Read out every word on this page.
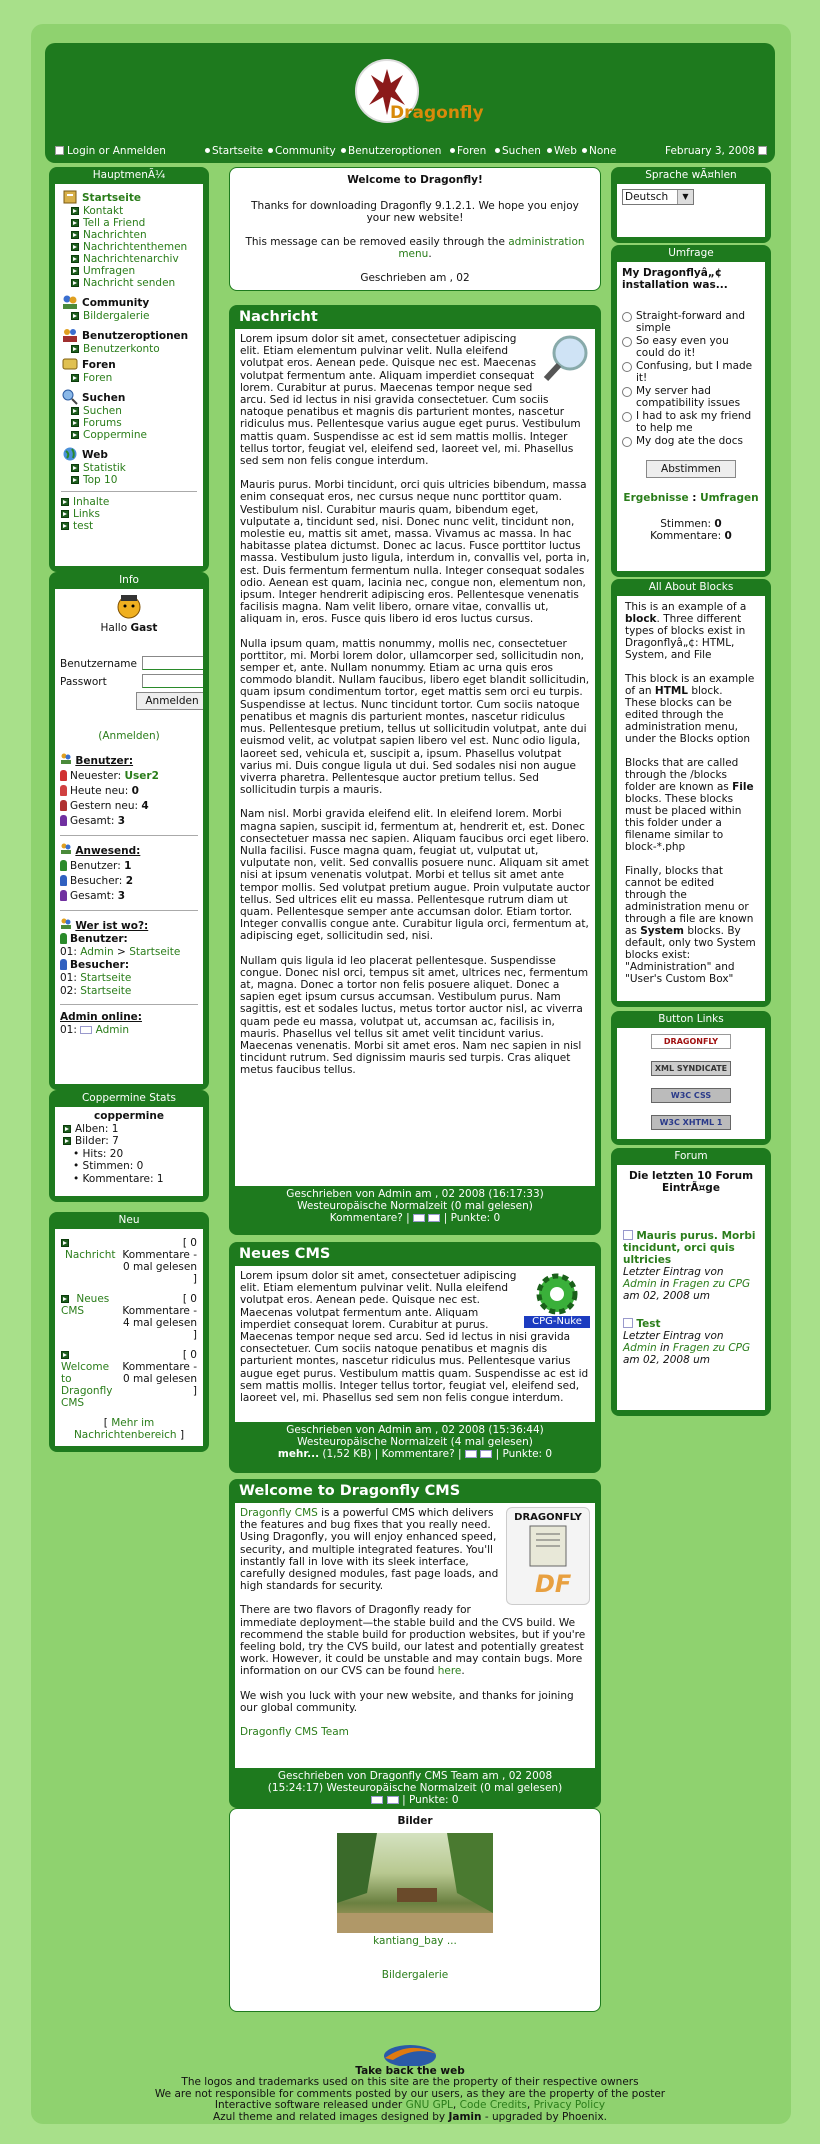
Dragonfly
Login or Anmelden	Startseite	Community	Benutzeroptionen	Foren	Suchen	Web	None	February 3, 2008
HauptmenÃ¼
Startseite
Kontakt
Tell a Friend
Nachrichten
Nachrichtenthemen
Nachrichtenarchiv
Umfragen
Nachricht senden
Community
Bildergalerie
Benutzeroptionen
Benutzerkonto
Foren
Foren
Suchen
Suchen
Forums
Coppermine
Web
Statistik
Top 10
Inhalte
Links
test
Info
Hallo Gast
Benutzername
Passwort
Anmelden
(Anmelden)
Benutzer:
Neuester: User2
Heute neu: 0
Gestern neu: 4
Gesamt: 3
Anwesend:
Benutzer: 1
Besucher: 2
Gesamt: 3
Wer ist wo?:
Benutzer:
01: Admin > Startseite
Besucher:
01: Startseite
02: Startseite
Admin online:
01: Admin
Coppermine Stats
coppermine
Alben: 1
Bilder: 7
• Hits: 20
• Stimmen: 0
• Kommentare: 1
Neu

Nachricht
[ 0 Kommentare - 0 mal gelesen ]
Neues CMS
[ 0 Kommentare - 4 mal gelesen ]
Welcome to Dragonfly CMS
[ 0 Kommentare - 0 mal gelesen ]
[ Mehr im Nachrichtenbereich ]
Welcome to Dragonfly!
Thanks for downloading Dragonfly 9.1.2.1. We hope you enjoy your new website!
This message can be removed easily through the administration menu.
Geschrieben am , 02
Nachricht

Lorem ipsum dolor sit amet, consectetuer adipiscing elit. Etiam elementum pulvinar velit. Nulla eleifend volutpat eros. Aenean pede. Quisque nec est. Maecenas volutpat fermentum ante. Aliquam imperdiet consequat lorem. Curabitur at purus. Maecenas tempor neque sed arcu. Sed id lectus in nisi gravida consectetuer. Cum sociis natoque penatibus et magnis dis parturient montes, nascetur ridiculus mus. Pellentesque varius augue eget purus. Vestibulum mattis quam. Suspendisse ac est id sem mattis mollis. Integer tellus tortor, feugiat vel, eleifend sed, laoreet vel, mi. Phasellus sed sem non felis congue interdum.

Mauris purus. Morbi tincidunt, orci quis ultricies bibendum, massa enim consequat eros, nec cursus neque nunc porttitor quam. Vestibulum nisl. Curabitur mauris quam, bibendum eget, vulputate a, tincidunt sed, nisi. Donec nunc velit, tincidunt non, molestie eu, mattis sit amet, massa. Vivamus ac massa. In hac habitasse platea dictumst. Donec ac lacus. Fusce porttitor luctus massa. Vestibulum justo ligula, interdum in, convallis vel, porta in, est. Duis fermentum fermentum nulla. Integer consequat sodales odio. Aenean est quam, lacinia nec, congue non, elementum non, ipsum. Integer hendrerit adipiscing eros. Pellentesque venenatis facilisis magna. Nam velit libero, ornare vitae, convallis ut, aliquam in, eros. Fusce quis libero id eros luctus cursus.

Nulla ipsum quam, mattis nonummy, mollis nec, consectetuer porttitor, mi. Morbi lorem dolor, ullamcorper sed, sollicitudin non, semper et, ante. Nullam nonummy. Etiam ac urna quis eros commodo blandit. Nullam faucibus, libero eget blandit sollicitudin, quam ipsum condimentum tortor, eget mattis sem orci eu turpis. Suspendisse at lectus. Nunc tincidunt tortor. Cum sociis natoque penatibus et magnis dis parturient montes, nascetur ridiculus mus. Pellentesque pretium, tellus ut sollicitudin volutpat, ante dui euismod velit, ac volutpat sapien libero vel est. Nunc odio ligula, laoreet sed, vehicula et, suscipit a, ipsum. Phasellus volutpat varius mi. Duis congue ligula ut dui. Sed sodales nisi non augue viverra pharetra. Pellentesque auctor pretium tellus. Sed sollicitudin turpis a mauris.

Nam nisl. Morbi gravida eleifend elit. In eleifend lorem. Morbi magna sapien, suscipit id, fermentum at, hendrerit et, est. Donec consectetuer massa nec sapien. Aliquam faucibus orci eget libero. Nulla facilisi. Fusce magna quam, feugiat ut, vulputat ut, vulputate non, velit. Sed convallis posuere nunc. Aliquam sit amet nisi at ipsum venenatis volutpat. Morbi et tellus sit amet ante tempor mollis. Sed volutpat pretium augue. Proin vulputate auctor tellus. Sed ultrices elit eu massa. Pellentesque rutrum diam ut quam. Pellentesque semper ante accumsan dolor. Etiam tortor. Integer convallis congue ante. Curabitur ligula orci, fermentum at, adipiscing eget, sollicitudin sed, nisi.

Nullam quis ligula id leo placerat pellentesque. Suspendisse congue. Donec nisl orci, tempus sit amet, ultrices nec, fermentum at, magna. Donec a tortor non felis posuere aliquet. Donec a sapien eget ipsum cursus accumsan. Vestibulum purus. Nam sagittis, est et sodales luctus, metus tortor auctor nisl, ac viverra quam pede eu massa, volutpat ut, accumsan ac, facilisis in, mauris. Phasellus vel tellus sit amet velit tincidunt varius. Maecenas venenatis. Morbi sit amet eros. Nam nec sapien in nisl tincidunt rutrum. Sed dignissim mauris sed turpis. Cras aliquet metus faucibus tellus.

Geschrieben von Admin am , 02 2008 (16:17:33)
Westeuropäische Normalzeit (0 mal gelesen)
Kommentare? |	| Punkte: 0
Neues CMS
CPG-Nuke
Lorem ipsum dolor sit amet, consectetuer adipiscing elit. Etiam elementum pulvinar velit. Nulla eleifend volutpat eros. Aenean pede. Quisque nec est. Maecenas volutpat fermentum ante. Aliquam imperdiet consequat lorem. Curabitur at purus. Maecenas tempor neque sed arcu. Sed id lectus in nisi gravida consectetuer. Cum sociis natoque penatibus et magnis dis parturient montes, nascetur ridiculus mus. Pellentesque varius augue eget purus. Vestibulum mattis quam. Suspendisse ac est id sem mattis mollis. Integer tellus tortor, feugiat vel, eleifend sed, laoreet vel, mi. Phasellus sed sem non felis congue interdum.
Geschrieben von Admin am , 02 2008 (15:36:44)
Westeuropäische Normalzeit (4 mal gelesen)
mehr... (1,52 KB) | Kommentare? |	| Punkte: 0
Welcome to Dragonfly CMS
DRAGONFLY
DF

Dragonfly CMS is a powerful CMS which delivers the features and bug fixes that you really need. Using Dragonfly, you will enjoy enhanced speed, security, and multiple integrated features. You'll instantly fall in love with its sleek interface, carefully designed modules, fast page loads, and high standards for security.

There are two flavors of Dragonfly ready for immediate deployment—the stable build and the CVS build. We recommend the stable build for production websites, but if you're feeling bold, try the CVS build, our latest and potentially greatest work. However, it could be unstable and may contain bugs. More information on our CVS can be found here.

We wish you luck with your new website, and thanks for joining our global community.

Dragonfly CMS Team
Geschrieben von Dragonfly CMS Team am , 02 2008
(15:24:17) Westeuropäische Normalzeit (0 mal gelesen)
| Punkte: 0
Bilder
kantiang_bay ...
Bildergalerie
Sprache wÃ¤hlen
Deutsch	▼
Umfrage
My Dragonflyâ„¢ installation was...
Straight-forward and simple
So easy even you could do it!
Confusing, but I made it!
My server had compatibility issues
I had to ask my friend to help me
My dog ate the docs
Abstimmen
Ergebnisse : Umfragen
Stimmen: 0
Kommentare: 0
All About Blocks

This is an example of a block. Three different types of blocks exist in Dragonflyâ„¢: HTML, System, and File

This block is an example of an HTML block. These blocks can be edited through the administration menu, under the Blocks option

Blocks that are called through the /blocks folder are known as File blocks. These blocks must be placed within this folder under a filename similar to block-*.php

Finally, blocks that cannot be edited through the administration menu or through a file are known as System blocks. By default, only two System blocks exist: "Administration" and "User's Custom Box"

Button Links
DRAGONFLY
XML SYNDICATE
W3C CSS
W3C XHTML 1
Forum
Die letzten 10 Forum EintrÃ¤ge
Mauris purus. Morbi tincidunt, orci quis ultricies
Letzter Eintrag von Admin in Fragen zu CPG am 02, 2008 um
Test
Letzter Eintrag von Admin in Fragen zu CPG am 02, 2008 um
Take back the web
The logos and trademarks used on this site are the property of their respective owners
We are not responsible for comments posted by our users, as they are the property of the poster
Interactive software released under GNU GPL, Code Credits, Privacy Policy
Azul theme and related images designed by Jamin - upgraded by Phoenix.
